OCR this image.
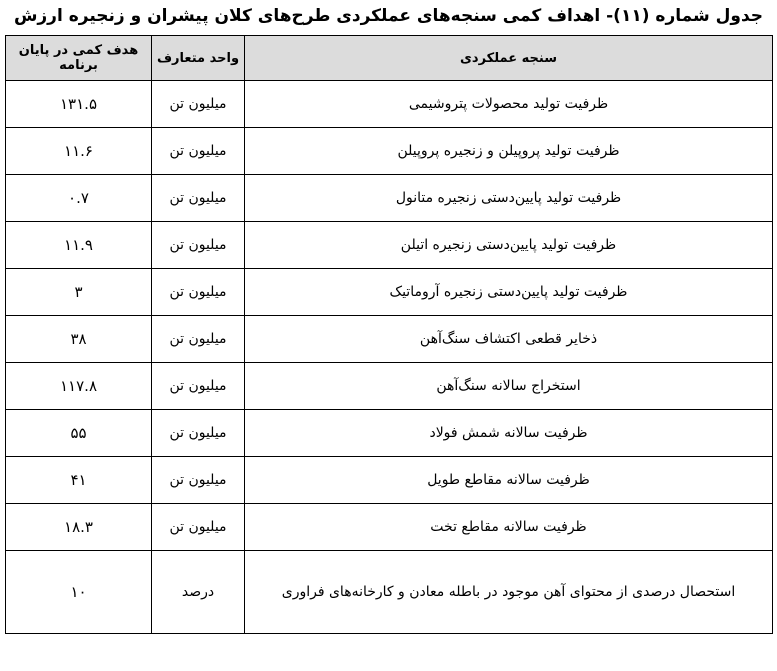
جدول شماره (۱۱)- اهداف کمی سنجه‌های عملکردی طرح‌های کلان پیشران و زنجیره ارزش
سنجه عملکردی	واحد متعارف	هدف کمی در پایان برنامه
ظرفیت تولید محصولات پتروشیمی	میلیون تن	۱۳۱.۵
ظرفیت تولید پروپیلن و زنجیره پروپیلن	میلیون تن	۱۱.۶
ظرفیت تولید پایین‌دستی زنجیره متانول	میلیون تن	۰.۷
ظرفیت تولید پایین‌دستی زنجیره اتیلن	میلیون تن	۱۱.۹
ظرفیت تولید پایین‌دستی زنجیره آروماتیک	میلیون تن	۳
ذخایر قطعی اکتشاف سنگ‌آهن	میلیون تن	۳۸
استخراج سالانه سنگ‌آهن	میلیون تن	۱۱۷.۸
ظرفیت سالانه شمش فولاد	میلیون تن	۵۵
ظرفیت سالانه مقاطع طویل	میلیون تن	۴۱
ظرفیت سالانه مقاطع تخت	میلیون تن	۱۸.۳
استحصال درصدی از محتوای آهن موجود در باطله معادن و کارخانه‌های فراوری	درصد	۱۰
